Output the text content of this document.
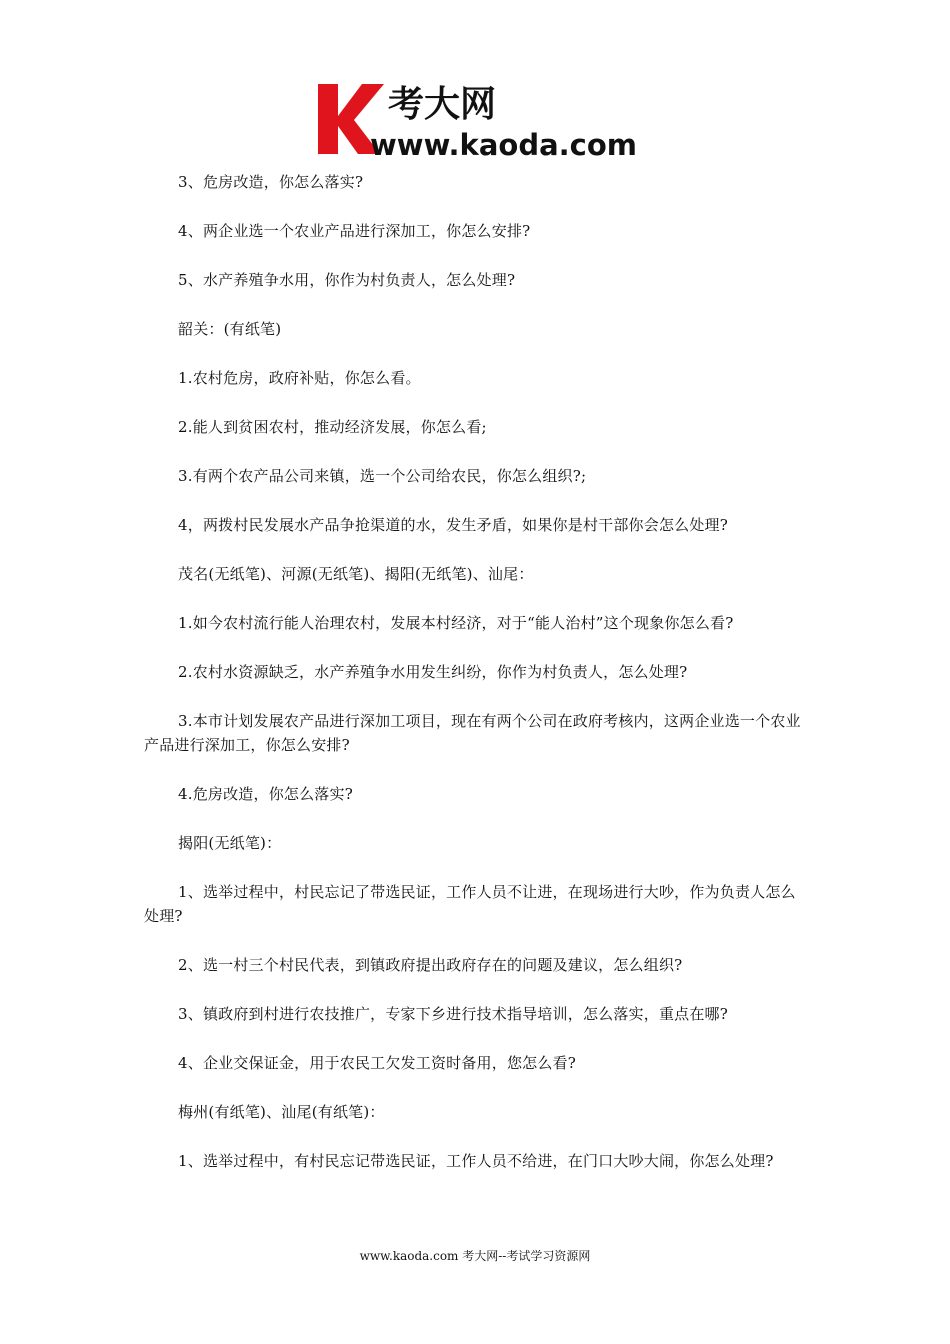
考大网
www.kaoda.com

3、危房改造，你怎么落实?

4、两企业选一个农业产品进行深加工，你怎么安排?

5、水产养殖争水用，你作为村负责人，怎么处理?

韶关：(有纸笔)

1.农村危房，政府补贴，你怎么看。

2.能人到贫困农村，推动经济发展，你怎么看;

3.有两个农产品公司来镇，选一个公司给农民，你怎么组织?;

4，两拨村民发展水产品争抢渠道的水，发生矛盾，如果你是村干部你会怎么处理?

茂名(无纸笔)、河源(无纸笔)、揭阳(无纸笔)、汕尾：

1.如今农村流行能人治理农村，发展本村经济，对于“能人治村”这个现象你怎么看?

2.农村水资源缺乏，水产养殖争水用发生纠纷，你作为村负责人，怎么处理?

3.本市计划发展农产品进行深加工项目，现在有两个公司在政府考核内，这两企业选一个农业产品进行深加工，你怎么安排?

4.危房改造，你怎么落实?

揭阳(无纸笔)：

1、选举过程中，村民忘记了带选民证，工作人员不让进，在现场进行大吵，作为负责人怎么处理?

2、选一村三个村民代表，到镇政府提出政府存在的问题及建议，怎么组织?

3、镇政府到村进行农技推广，专家下乡进行技术指导培训，怎么落实，重点在哪?

4、企业交保证金，用于农民工欠发工资时备用，您怎么看?

梅州(有纸笔)、汕尾(有纸笔)：

1、选举过程中，有村民忘记带选民证，工作人员不给进，在门口大吵大闹，你怎么处理?

www.kaoda.com 考大网--考试学习资源网
